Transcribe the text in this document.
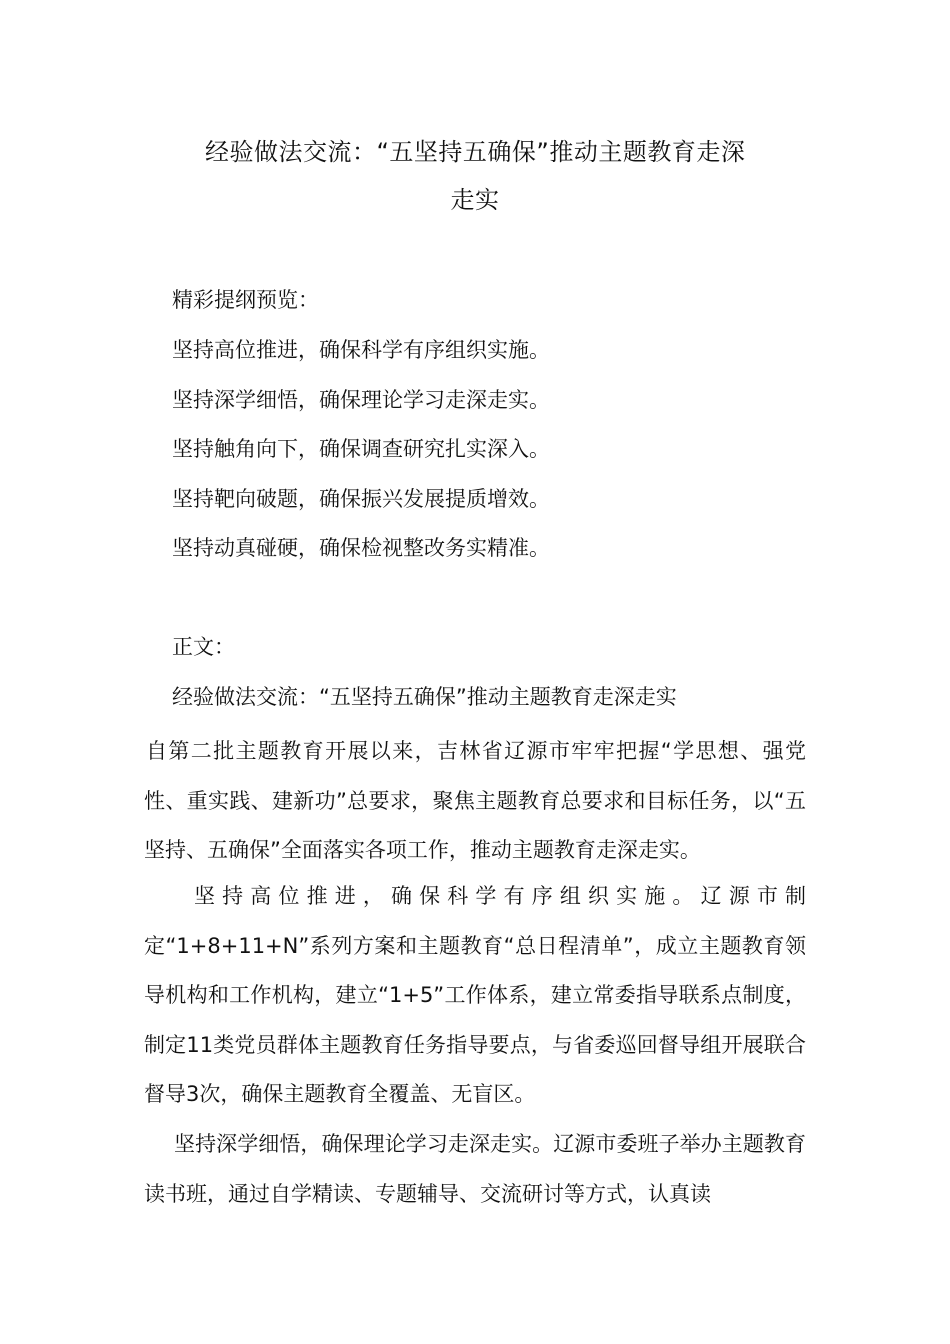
经验做法交流：“五坚持五确保”推动主题教育走深
走实

精彩提纲预览：

坚持高位推进，确保科学有序组织实施。

坚持深学细悟，确保理论学习走深走实。

坚持触角向下，确保调查研究扎实深入。

坚持靶向破题，确保振兴发展提质增效。

坚持动真碰硬，确保检视整改务实精准。

正文：

经验做法交流：“五坚持五确保”推动主题教育走深走实

自第二批主题教育开展以来，吉林省辽源市牢牢把握“学思想、强党性、重实践、建新功”总要求，聚焦主题教育总要求和目标任务，以“五坚持、五确保”全面落实各项工作，推动主题教育走深走实。

坚持高位推进，确保科学有序组织实施。辽源市制定“1+8+11+N”系列方案和主题教育“总日程清单”，成立主题教育领导机构和工作机构，建立“1+5”工作体系，建立常委指导联系点制度，制定11类党员群体主题教育任务指导要点，与省委巡回督导组开展联合督导3次，确保主题教育全覆盖、无盲区。

坚持深学细悟，确保理论学习走深走实。辽源市委班子举办主题教育读书班，通过自学精读、专题辅导、交流研讨等方式，认真读
